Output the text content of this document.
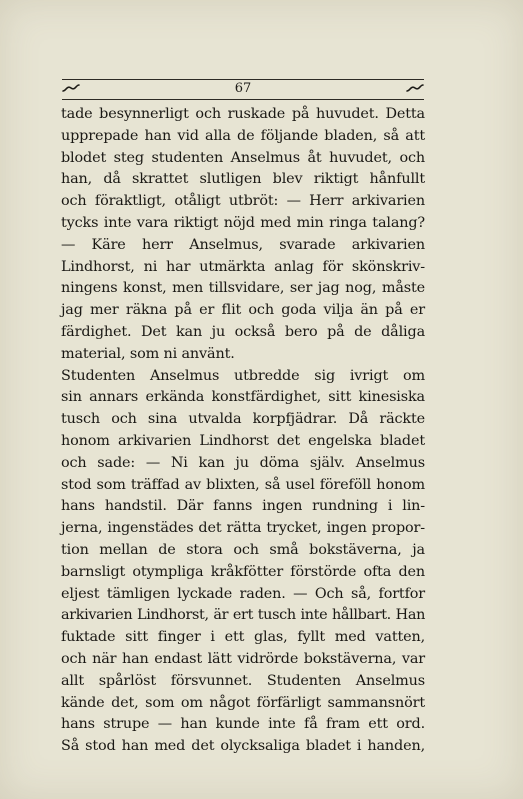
67
tade besynnerligt och ruskade på huvudet. Detta
upprepade han vid alla de följande bladen, så att
blodet steg studenten Anselmus åt huvudet, och
han, då skrattet slutligen blev riktigt hånfullt
och föraktligt, otåligt utbröt: — Herr arkivarien
tycks inte vara riktigt nöjd med min ringa talang?
— Käre herr Anselmus, svarade arkivarien
Lindhorst, ni har utmärkta anlag för skönskriv-
ningens konst, men tillsvidare, ser jag nog, måste
jag mer räkna på er flit och goda vilja än på er
färdighet. Det kan ju också bero på de dåliga
material, som ni använt.
Studenten Anselmus utbredde sig ivrigt om
sin annars erkända konstfärdighet, sitt kinesiska
tusch och sina utvalda korpfjädrar. Då räckte
honom arkivarien Lindhorst det engelska bladet
och sade: — Ni kan ju döma själv. Anselmus
stod som träffad av blixten, så usel föreföll honom
hans handstil. Där fanns ingen rundning i lin-
jerna, ingenstädes det rätta trycket, ingen propor-
tion mellan de stora och små bokstäverna, ja
barnsligt otympliga kråkfötter förstörde ofta den
eljest tämligen lyckade raden. — Och så, fortfor
arkivarien Lindhorst, är ert tusch inte hållbart. Han
fuktade sitt finger i ett glas, fyllt med vatten,
och när han endast lätt vidrörde bokstäverna, var
allt spårlöst försvunnet. Studenten Anselmus
kände det, som om något förfärligt sammansnört
hans strupe — han kunde inte få fram ett ord.
Så stod han med det olycksaliga bladet i handen,
